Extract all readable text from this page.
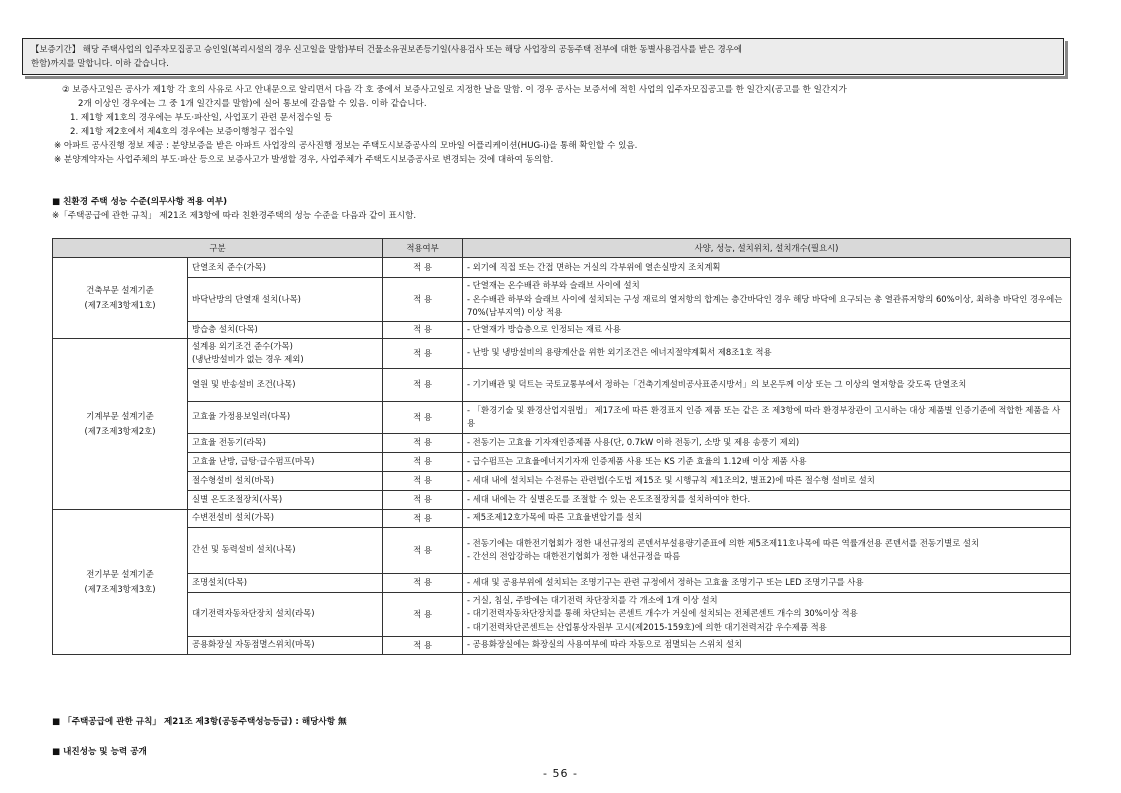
【보증기간】 해당 주택사업의 입주자모집공고 승인일(복리시설의 경우 신고일을 말함)부터 건물소유권보존등기일(사용검사 또는 해당 사업장의 공동주택 전부에 대한 동별사용검사를 받은 경우에
한함)까지를 말합니다. 이하 같습니다.
② 보증사고일은 공사가 제1항 각 호의 사유로 사고 안내문으로 알리면서 다음 각 호 중에서 보증사고일로 지정한 날을 말함. 이 경우 공사는 보증서에 적힌 사업의 입주자모집공고를 한 일간지(공고를 한 일간지가
2개 이상인 경우에는 그 중 1개 일간지를 말함)에 실어 통보에 갈음할 수 있음. 이하 같습니다.
1. 제1항 제1호의 경우에는 부도·파산일, 사업포기 관련 문서접수일 등
2. 제1항 제2호에서 제4호의 경우에는 보증이행청구 접수일
※ 아파트 공사진행 정보 제공 : 분양보증을 받은 아파트 사업장의 공사진행 정보는 주택도시보증공사의 모바일 어플리케이션(HUG-i)을 통해 확인할 수 있음.
※ 분양계약자는 사업주체의 부도·파산 등으로 보증사고가 발생할 경우, 사업주체가 주택도시보증공사로 변경되는 것에 대하여 동의함.
■ 친환경 주택 성능 수준(의무사항 적용 여부)
※「주택공급에 관한 규칙」 제21조 제3항에 따라 친환경주택의 성능 수준을 다음과 같이 표시함.
구분		적용여부	사양, 성능, 설치위치, 설치개수(필요시)

건축부문 설계기준
(제7조제3항제1호)	단열조치 준수(가목)	적 용	- 외기에 직접 또는 간접 면하는 거실의 각부위에 열손실방지 조치계획

	바닥난방의 단열재 설치(나목)	적 용	- 단열재는 온수배관 하부와 슬래브 사이에 설치
- 온수배관 하부와 슬래브 사이에 설치되는 구성 재료의 열저항의 합계는 층간바닥인 경우 해당 바닥에 요구되는 총 열관류저항의 60%이상, 최하층 바닥인 경우에는 70%(남부지역) 이상 적용

	방습층 설치(다목)	적 용	- 단열재가 방습층으로 인정되는 재료 사용

기계부문 설계기준
(제7조제3항제2호)	설계용 외기조건 준수(가목)
(냉난방설비가 없는 경우 제외)	적 용	- 난방 및 냉방설비의 용량계산을 위한 외기조건은 에너지절약계획서 제8조1호 적용

	열원 및 반송설비 조건(나목)	적 용	- 기기배관 및 덕트는 국토교통부에서 정하는「건축기계설비공사표준시방서」의 보온두께 이상 또는 그 이상의 열저항을 갖도록 단열조치

	고효율 가정용보일러(다목)	적 용	- 「환경기술 및 환경산업지원법」 제17조에 따른 환경표지 인증 제품 또는 같은 조 제3항에 따라 환경부장관이 고시하는 대상 제품별 인증기준에 적합한 제품을 사용

	고효율 전동기(라목)	적 용	- 전동기는 고효율 기자재인증제품 사용(단, 0.7kW 이하 전동기, 소방 및 제용 송풍기 제외)

	고효율 난방, 급탕·급수펌프(마목)	적 용	- 급수펌프는 고효율에너지기자재 인증제품 사용 또는 KS 기준 효율의 1.12배 이상 제품 사용

	절수형설비 설치(바목)	적 용	- 세대 내에 설치되는 수전류는 관련법(수도법 제15조 및 시행규칙 제1조의2, 별표2)에 따른 절수형 설비로 설치

	실별 온도조절장치(사목)	적 용	- 세대 내에는 각 실별온도를 조절할 수 있는 온도조절장치를 설치하여야 한다.

전기부문 설계기준
(제7조제3항제3호)	수변전설비 설치(가목)	적 용	- 제5조제12호가목에 따른 고효율변압기를 설치

	간선 및 동력설비 설치(나목)	적 용	- 전동기에는 대한전기협회가 정한 내선규정의 콘덴서부설용량기준표에 의한 제5조제11호나목에 따른 역률개선용 콘덴서를 전동기별로 설치
- 간선의 전압강하는 대한전기협회가 정한 내선규정을 따름

	조명설치(다목)	적 용	- 세대 및 공용부위에 설치되는 조명기구는 관련 규정에서 정하는 고효율 조명기구 또는 LED 조명기구를 사용

	대기전력자동차단장치 설치(라목)	적 용	- 거실, 침실, 주방에는 대기전력 차단장치를 각 개소에 1개 이상 설치
- 대기전력자동차단장치를 통해 차단되는 콘센트 개수가 거실에 설치되는 전체콘센트 개수의 30%이상 적용
- 대기전력차단콘센트는 산업통상자원부 고시(제2015-159호)에 의한 대기전력저감 우수제품 적용

	공용화장실 자동점멸스위치(마목)	적 용	- 공용화장실에는 화장실의 사용여부에 따라 자동으로 점멸되는 스위치 설치
■ 「주택공급에 관한 규칙」 제21조 제3항(공동주택성능등급) : 해당사항 無
■ 내진성능 및 능력 공개
- 56 -
